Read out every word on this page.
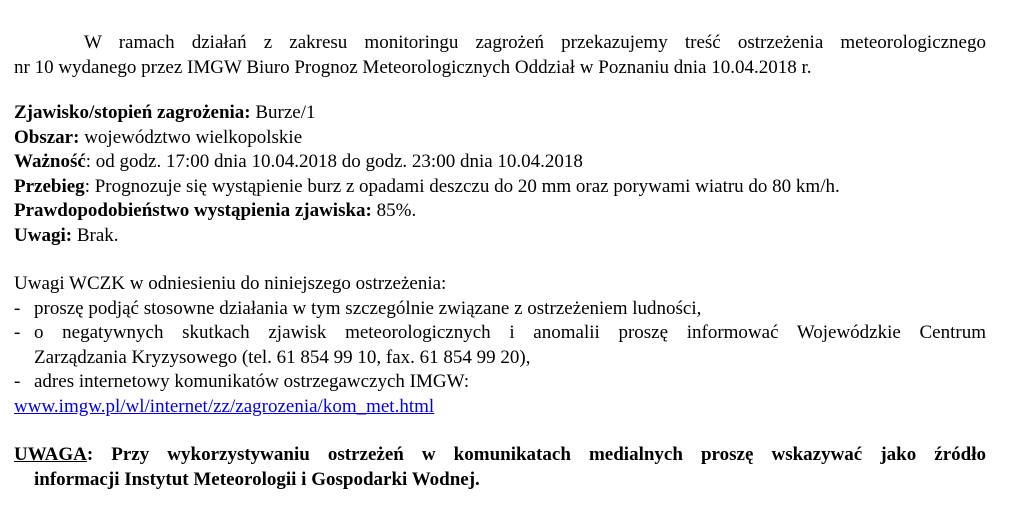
W ramach działań z zakresu monitoringu zagrożeń przekazujemy treść ostrzeżenia meteorologicznego
nr 10 wydanego przez IMGW Biuro Prognoz Meteorologicznych Oddział w Poznaniu dnia 10.04.2018 r.
Zjawisko/stopień zagrożenia: Burze/1
Obszar: województwo wielkopolskie
Ważność: od godz. 17:00 dnia 10.04.2018 do godz. 23:00 dnia 10.04.2018
Przebieg: Prognozuje się wystąpienie burz z opadami deszczu do 20 mm oraz porywami wiatru do 80 km/h.
Prawdopodobieństwo wystąpienia zjawiska: 85%.
Uwagi: Brak.
Uwagi WCZK w odniesieniu do niniejszego ostrzeżenia:
- proszę podjąć stosowne działania w tym szczególnie związane z ostrzeżeniem ludności,
- o negatywnych skutkach zjawisk meteorologicznych i anomalii proszę informować Wojewódzkie Centrum
Zarządzania Kryzysowego (tel. 61 854 99 10, fax. 61 854 99 20),
- adres internetowy komunikatów ostrzegawczych IMGW:
www.imgw.pl/wl/internet/zz/zagrozenia/kom_met.html
UWAGA: Przy wykorzystywaniu ostrzeżeń w komunikatach medialnych proszę wskazywać jako źródło
informacji Instytut Meteorologii i Gospodarki Wodnej.
